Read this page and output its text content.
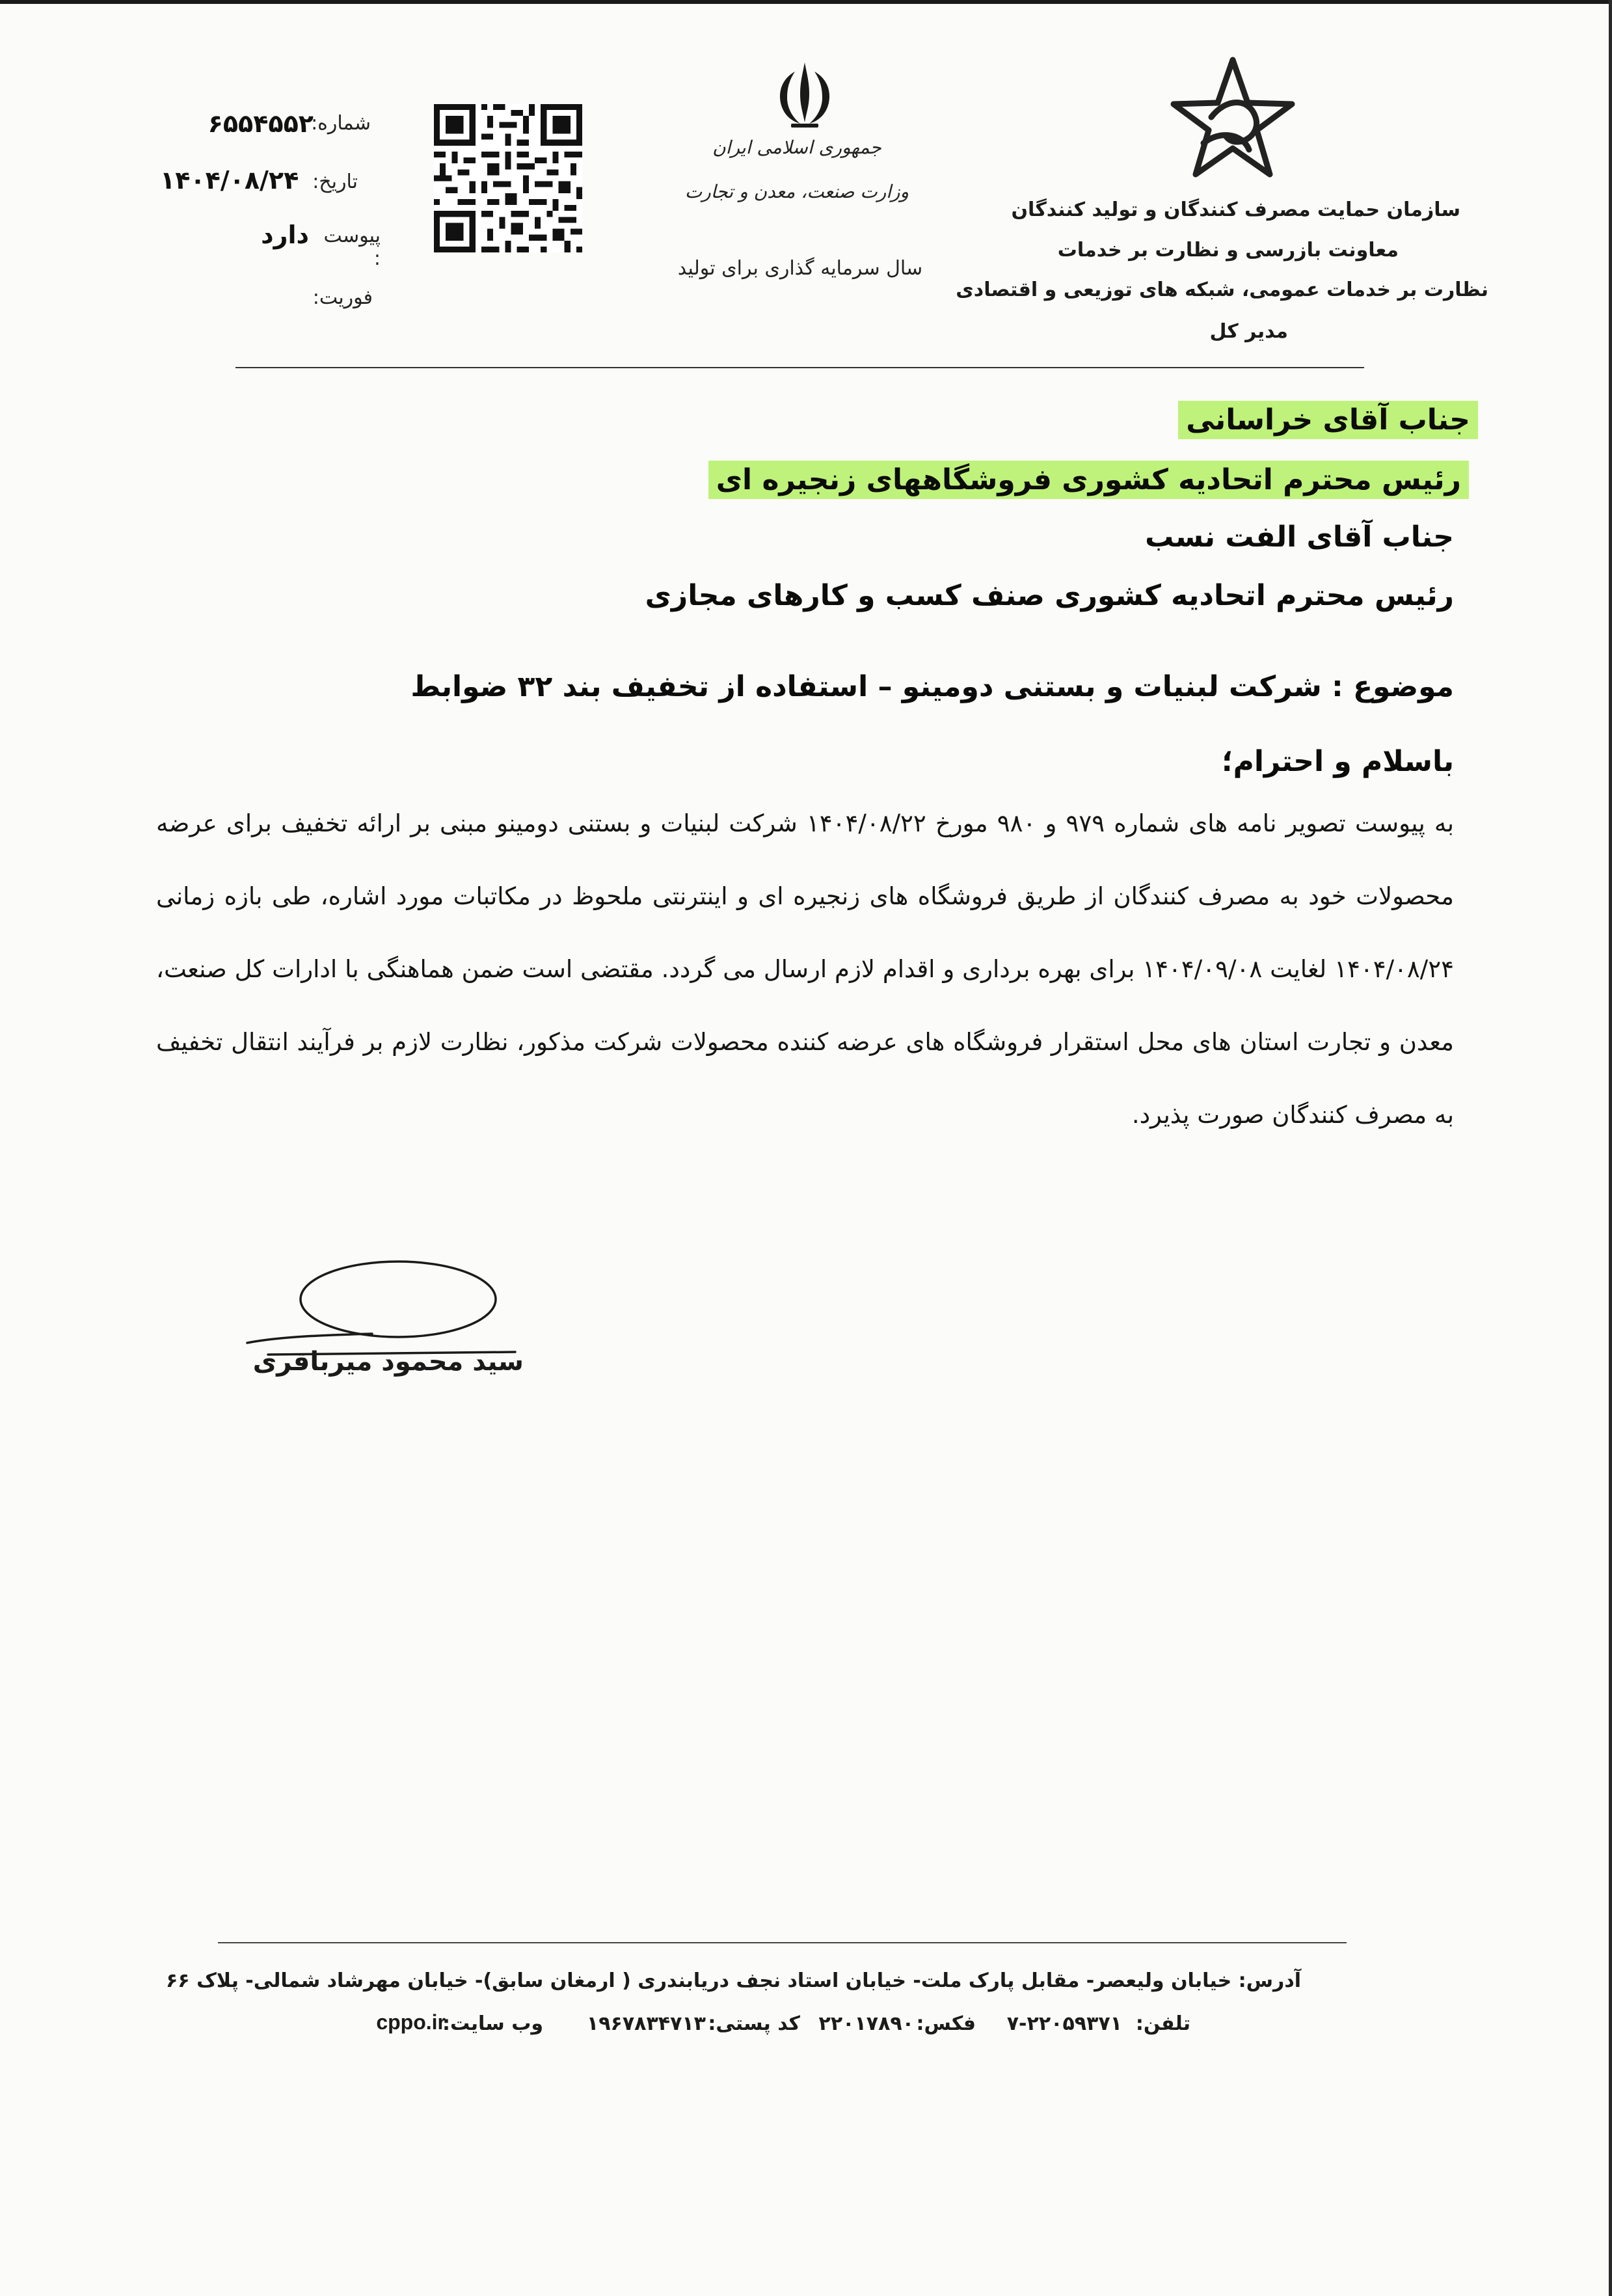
جمهوری اسلامی ایران
وزارت صنعت، معدن و تجارت
سال سرمایه گذاری برای تولید
شماره:
۶۵۵۴۵۵۲
تاریخ:
۱۴۰۴/۰۸/۲۴
پیوست :
دارد
فوریت:
سازمان حمایت مصرف کنندگان و تولید کنندگان
معاونت بازرسی و نظارت بر خدمات
نظارت بر خدمات عمومی، شبکه های توزیعی و اقتصادی
مدیر کل
جناب آقای خراسانی
رئیس محترم اتحادیه کشوری فروشگاههای زنجیره ای
جناب آقای الفت نسب
رئیس محترم اتحادیه کشوری صنف کسب و کارهای مجازی
موضوع : شرکت لبنیات و بستنی دومینو – استفاده از تخفیف بند ۳۲ ضوابط
باسلام و احترام؛
به پیوست تصویر نامه های شماره ۹۷۹ و ۹۸۰ مورخ ۱۴۰۴/۰۸/۲۲ شرکت لبنیات و بستنی دومینو مبنی بر ارائه تخفیف برای عرضه محصولات خود به مصرف کنندگان از طریق فروشگاه های زنجیره ای و اینترنتی ملحوظ در مکاتبات مورد اشاره، طی بازه زمانی ۱۴۰۴/۰۸/۲۴ لغایت ۱۴۰۴/۰۹/۰۸ برای بهره برداری و اقدام لازم ارسال می گردد. مقتضی است ضمن هماهنگی با ادارات کل صنعت، معدن و تجارت استان های محل استقرار فروشگاه های عرضه کننده محصولات شرکت مذکور، نظارت لازم بر فرآیند انتقال تخفیف به مصرف کنندگان صورت پذیرد.
سید محمود میرباقری
آدرس: خیابان ولیعصر- مقابل پارک ملت- خیابان استاد نجف دریابندری ( ارمغان سابق)- خیابان مهرشاد شمالی- پلاک ۶۶
تلفن:
۷-۲۲۰۵۹۳۷۱
فکس:
۲۲۰۱۷۸۹۰
کد پستی:
۱۹۶۷۸۳۴۷۱۳
وب سایت:
cppo.ir
